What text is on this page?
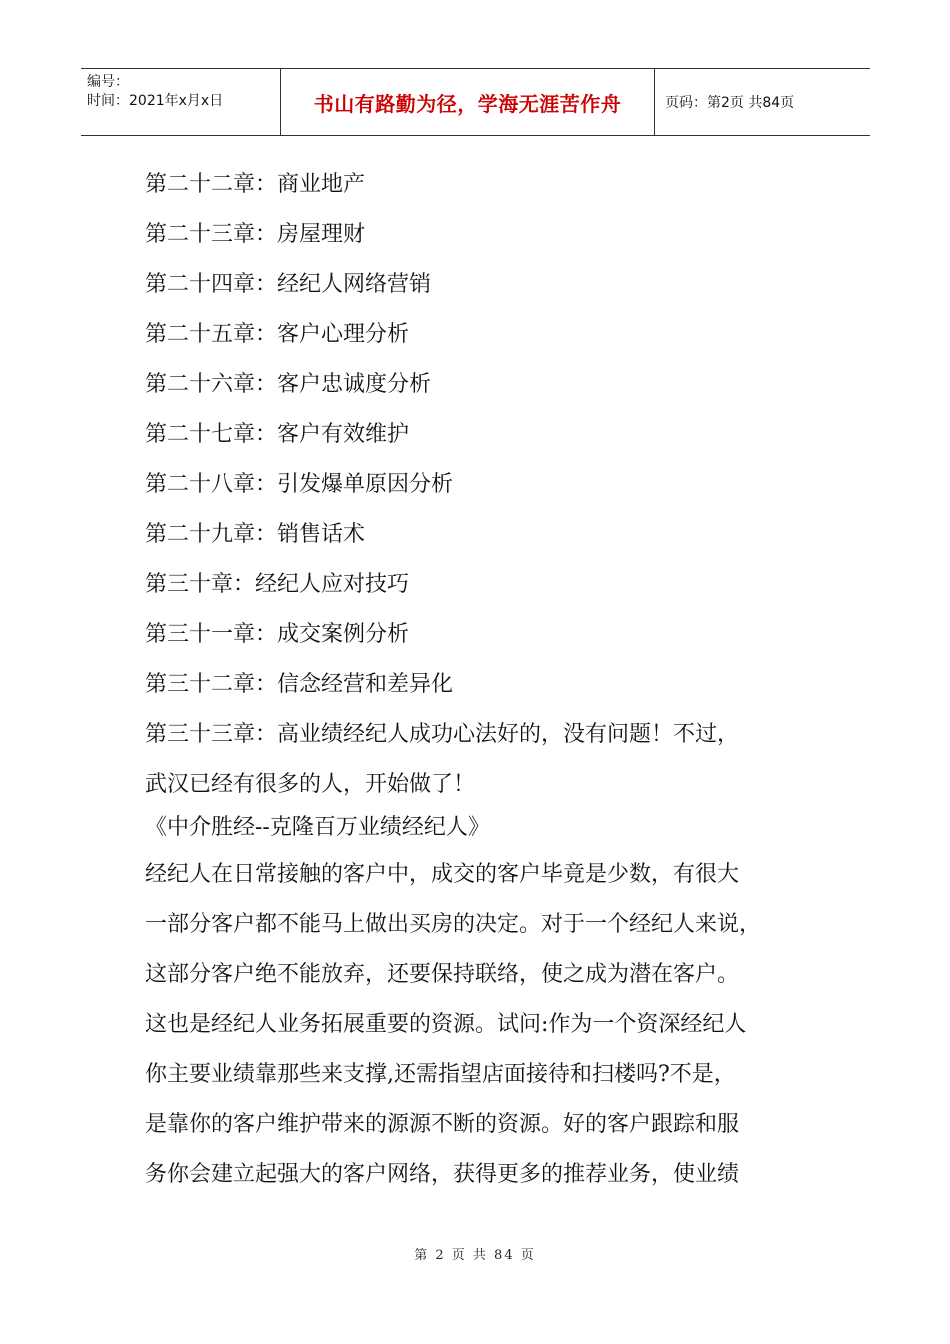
编号：
时间：2021年x月x日	书山有路勤为径，学海无涯苦作舟	页码：第2页 共84页
第二十二章：商业地产
第二十三章：房屋理财
第二十四章：经纪人网络营销
第二十五章：客户心理分析
第二十六章：客户忠诚度分析
第二十七章：客户有效维护
第二十八章：引发爆单原因分析
第二十九章：销售话术
第三十章：经纪人应对技巧
第三十一章：成交案例分析
第三十二章：信念经营和差异化
第三十三章：高业绩经纪人成功心法好的，没有问题！不过，
武汉已经有很多的人，开始做了！
《中介胜经--克隆百万业绩经纪人》
经纪人在日常接触的客户中，成交的客户毕竟是少数，有很大
一部分客户都不能马上做出买房的决定。对于一个经纪人来说，
这部分客户绝不能放弃，还要保持联络，使之成为潜在客户。
这也是经纪人业务拓展重要的资源。试问:作为一个资深经纪人
你主要业绩靠那些来支撑,还需指望店面接待和扫楼吗?不是，
是靠你的客户维护带来的源源不断的资源。好的客户跟踪和服
务你会建立起强大的客户网络，获得更多的推荐业务，使业绩
第 2 页 共 84 页
